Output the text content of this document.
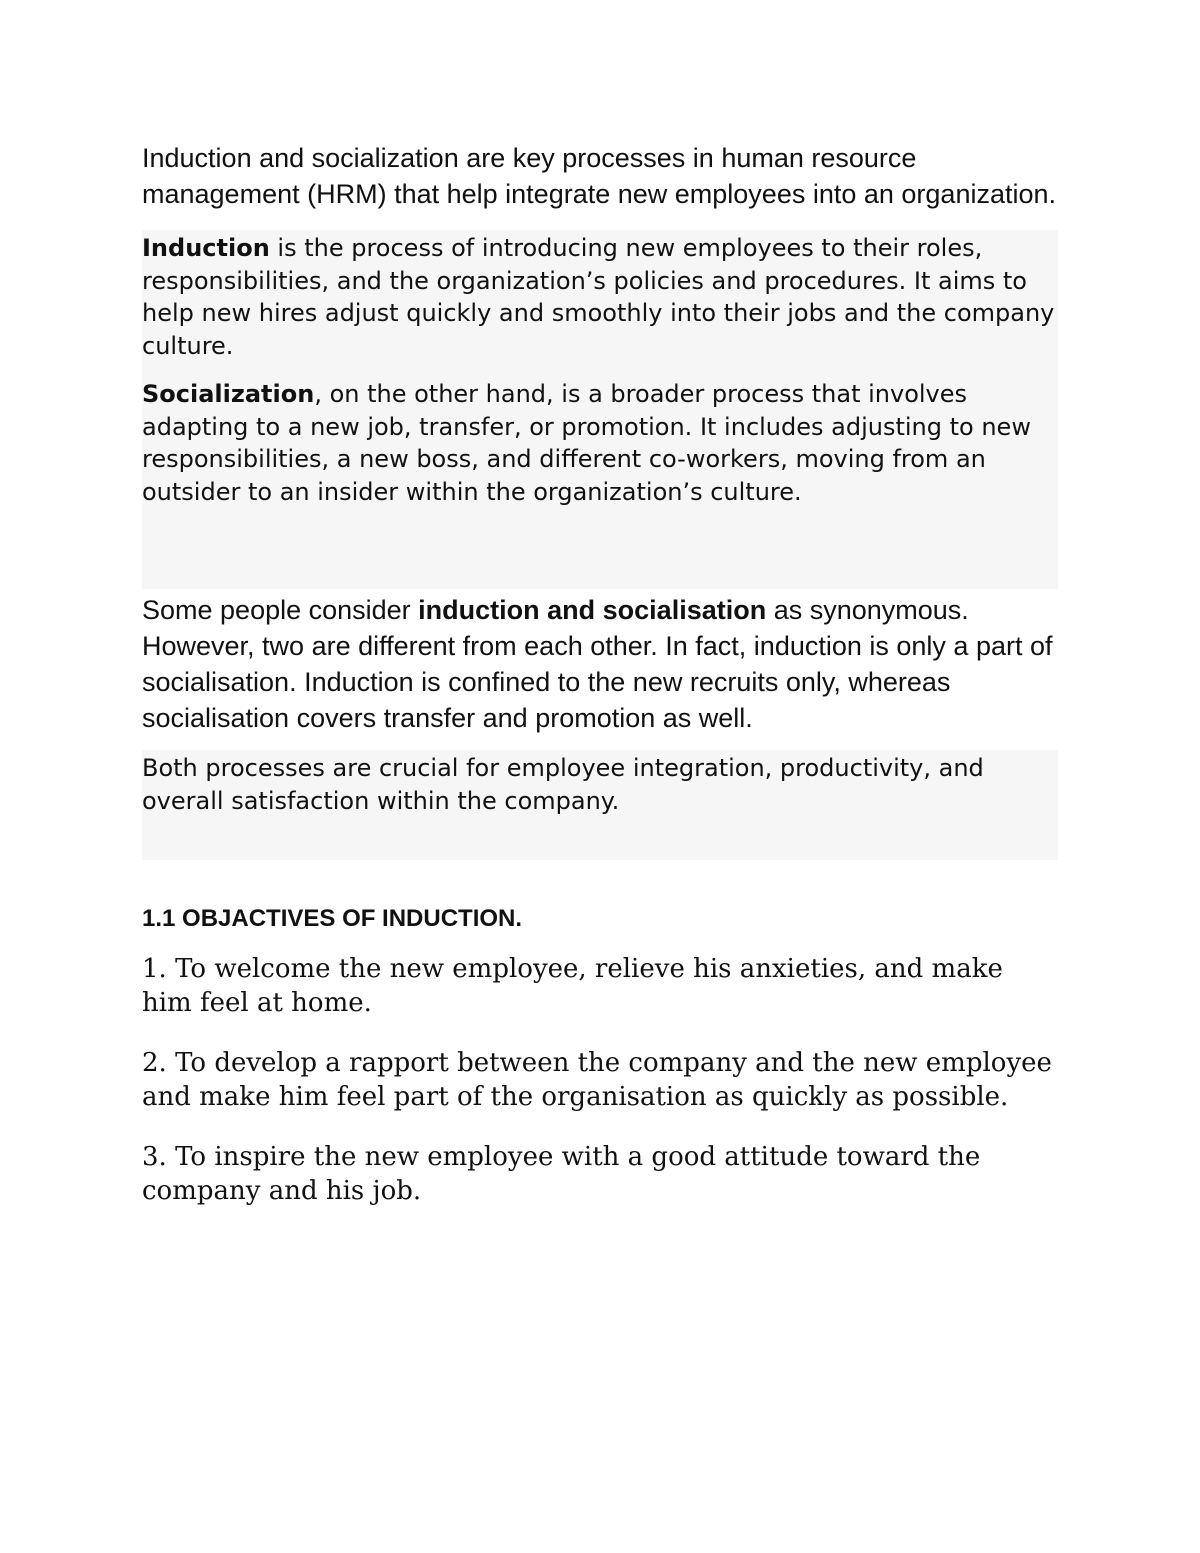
Induction and socialization are key processes in human resource management (HRM) that help integrate new employees into an organization.

Induction is the process of introducing new employees to their roles, responsibilities, and the organization’s policies and procedures. It aims to help new hires adjust quickly and smoothly into their jobs and the company culture.

Socialization, on the other hand, is a broader process that involves adapting to a new job, transfer, or promotion. It includes adjusting to new responsibilities, a new boss, and different co-workers, moving from an outsider to an insider within the organization’s culture.

Some people consider induction and socialisation as synonymous. However, two are different from each other. In fact, induction is only a part of socialisation. Induction is confined to the new recruits only, whereas socialisation covers transfer and promotion as well.

Both processes are crucial for employee integration, productivity, and overall satisfaction within the company.

1.1 OBJACTIVES OF INDUCTION.

1. To welcome the new employee, relieve his anxieties, and make him feel at home.

2. To develop a rapport between the company and the new employee and make him feel part of the organisation as quickly as possible.

3. To inspire the new employee with a good attitude toward the company and his job.
